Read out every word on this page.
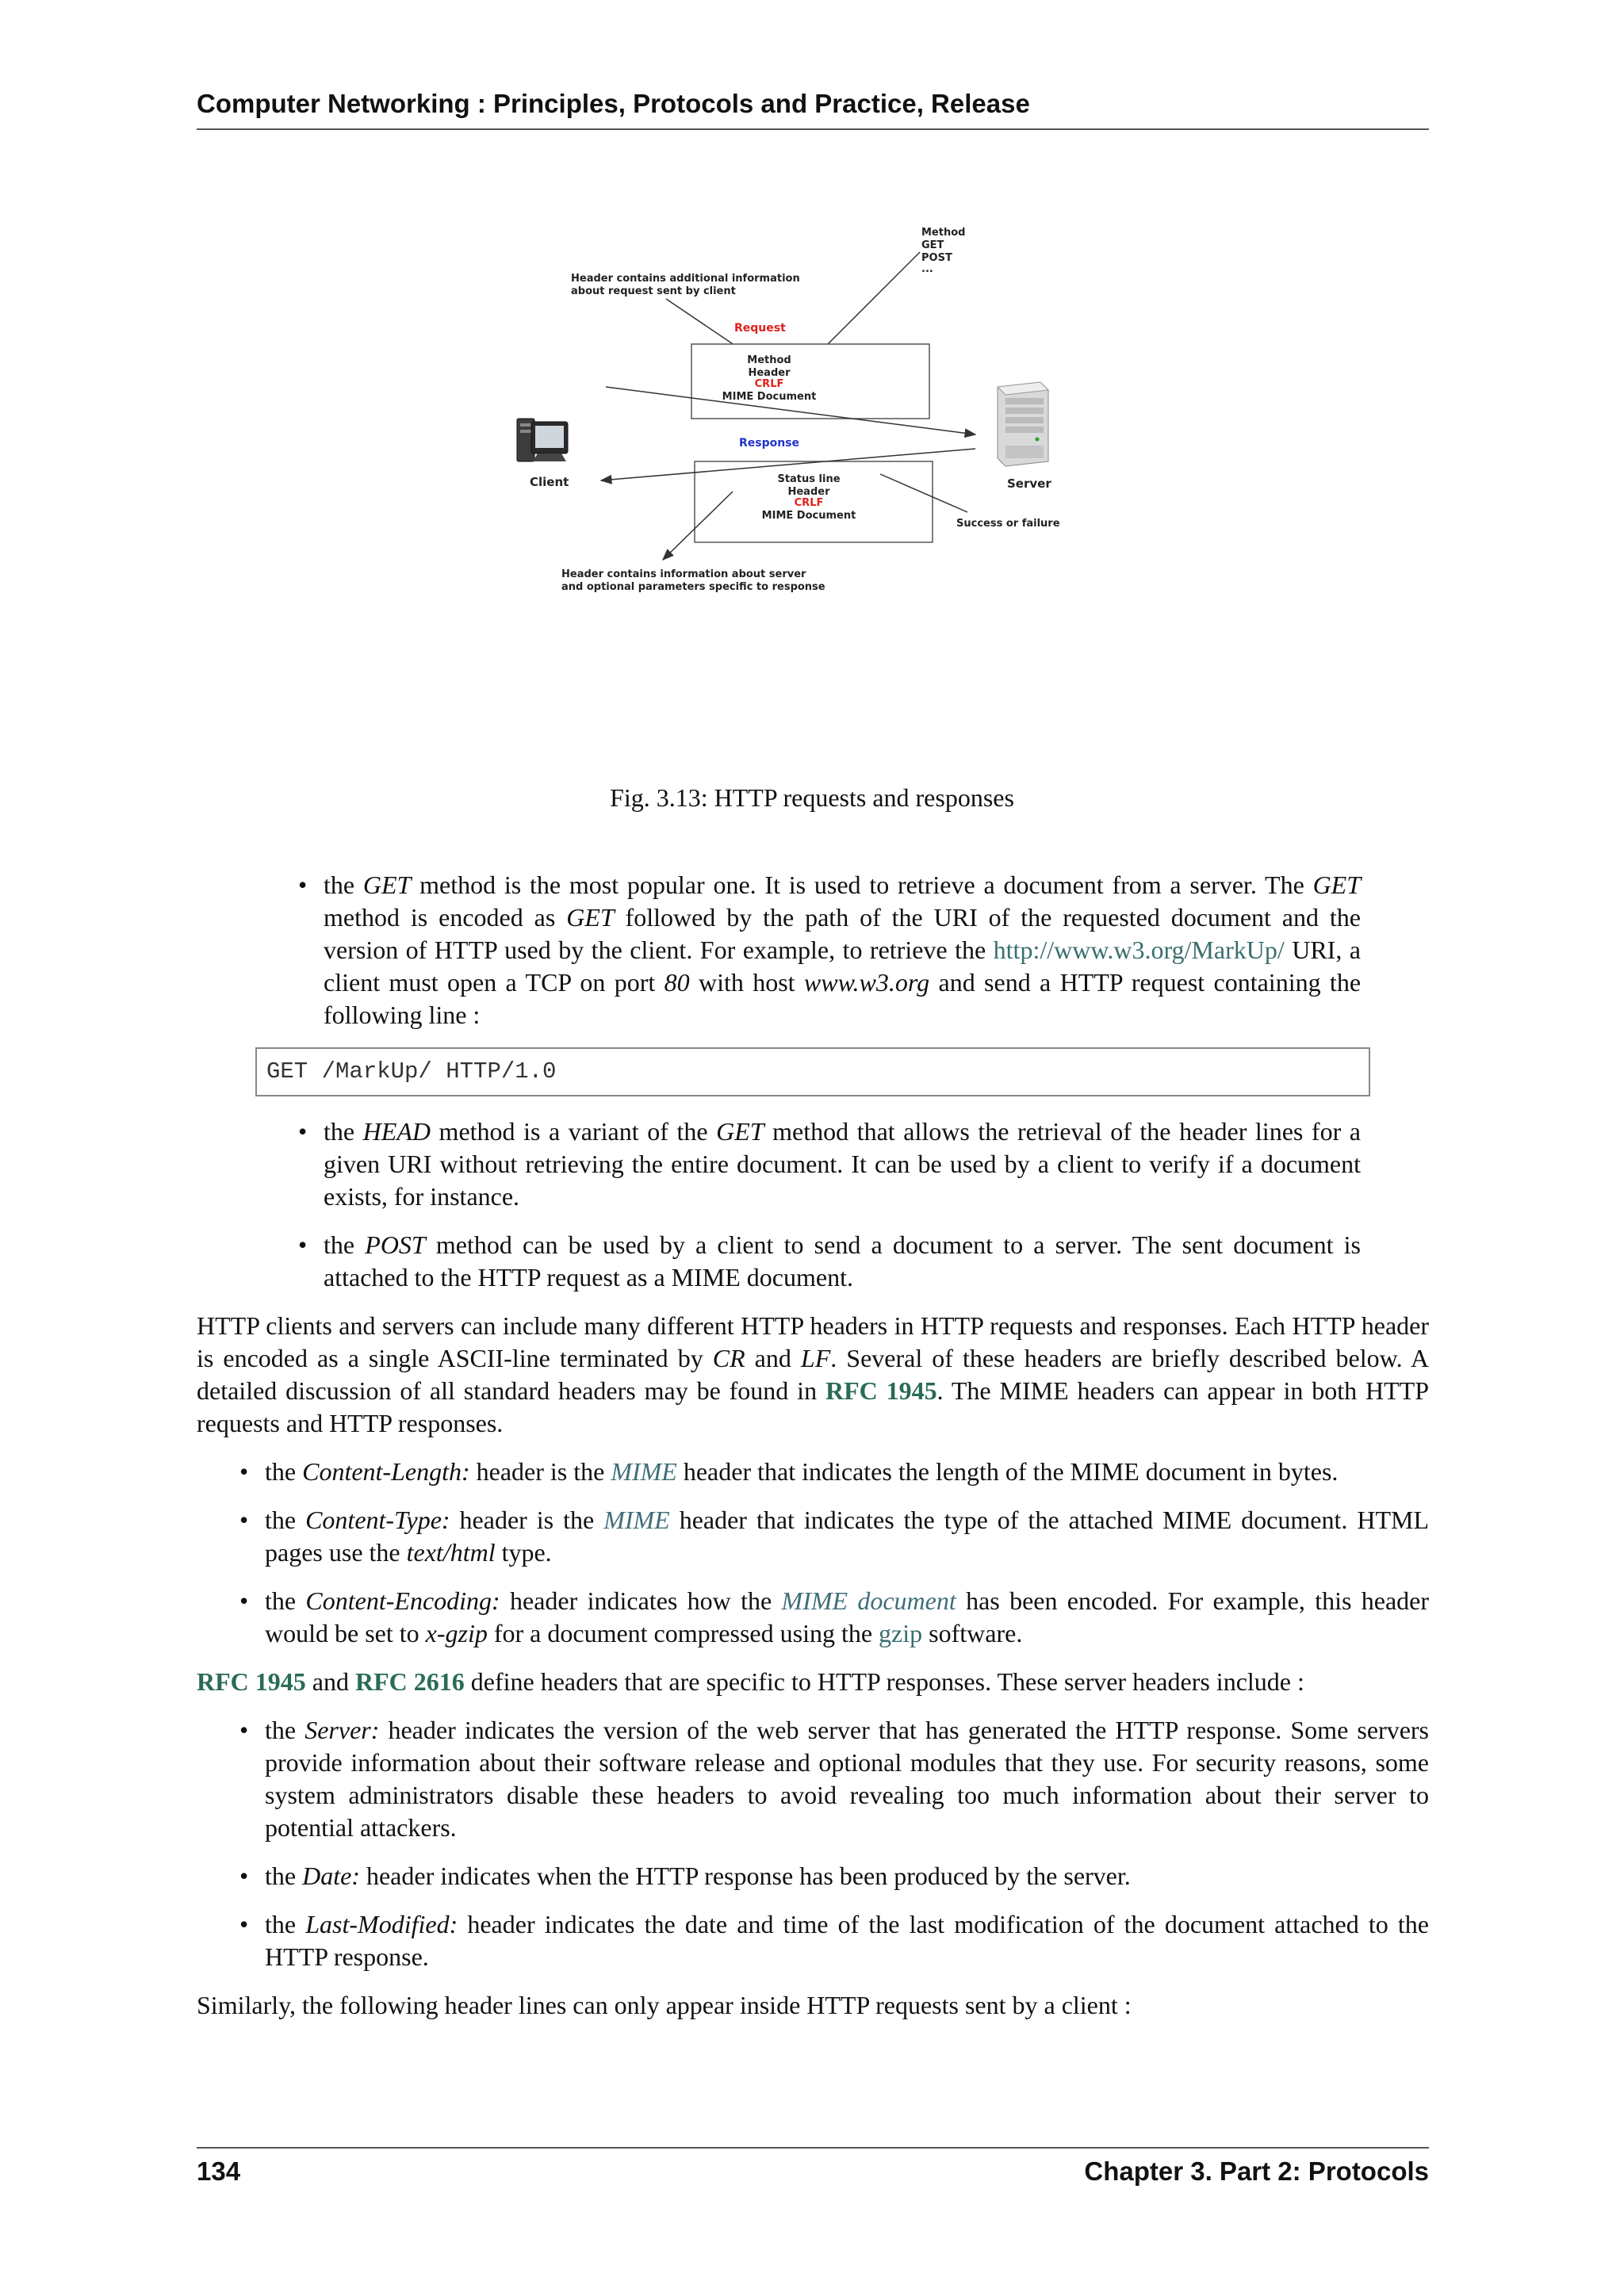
Computer Networking : Principles, Protocols and Practice, Release
Method
GET
POST
...
Header contains additional information
about request sent by client
Request
Method
Header
CRLF
MIME Document
Response
Status line
Header
CRLF
MIME Document
Success or failure
Header contains information about server
and optional parameters specific to response
Client	Server
Fig. 3.13: HTTP requests and responses
• the GET method is the most popular one. It is used to retrieve a document from a server. The GET method is encoded as GET followed by the path of the URI of the requested document and the version of HTTP used by the client. For example, to retrieve the http://www.w3.org/MarkUp/ URI, a client must open a TCP on port 80 with host www.w3.org and send a HTTP request containing the following line :
GET /MarkUp/ HTTP/1.0
• the HEAD method is a variant of the GET method that allows the retrieval of the header lines for a given URI without retrieving the entire document. It can be used by a client to verify if a document exists, for instance.
• the POST method can be used by a client to send a document to a server. The sent document is attached to the HTTP request as a MIME document.

HTTP clients and servers can include many different HTTP headers in HTTP requests and responses. Each HTTP header is encoded as a single ASCII-line terminated by CR and LF. Several of these headers are briefly described below. A detailed discussion of all standard headers may be found in RFC 1945. The MIME headers can appear in both HTTP requests and HTTP responses.

• the Content-Length: header is the MIME header that indicates the length of the MIME document in bytes.
• the Content-Type: header is the MIME header that indicates the type of the attached MIME document. HTML pages use the text/html type.
• the Content-Encoding: header indicates how the MIME document has been encoded. For example, this header would be set to x-gzip for a document compressed using the gzip software.

RFC 1945 and RFC 2616 define headers that are specific to HTTP responses. These server headers include :

• the Server: header indicates the version of the web server that has generated the HTTP response. Some servers provide information about their software release and optional modules that they use. For security reasons, some system administrators disable these headers to avoid revealing too much information about their server to potential attackers.
• the Date: header indicates when the HTTP response has been produced by the server.
• the Last-Modified: header indicates the date and time of the last modification of the document attached to the HTTP response.

Similarly, the following header lines can only appear inside HTTP requests sent by a client :

134	Chapter 3. Part 2: Protocols
